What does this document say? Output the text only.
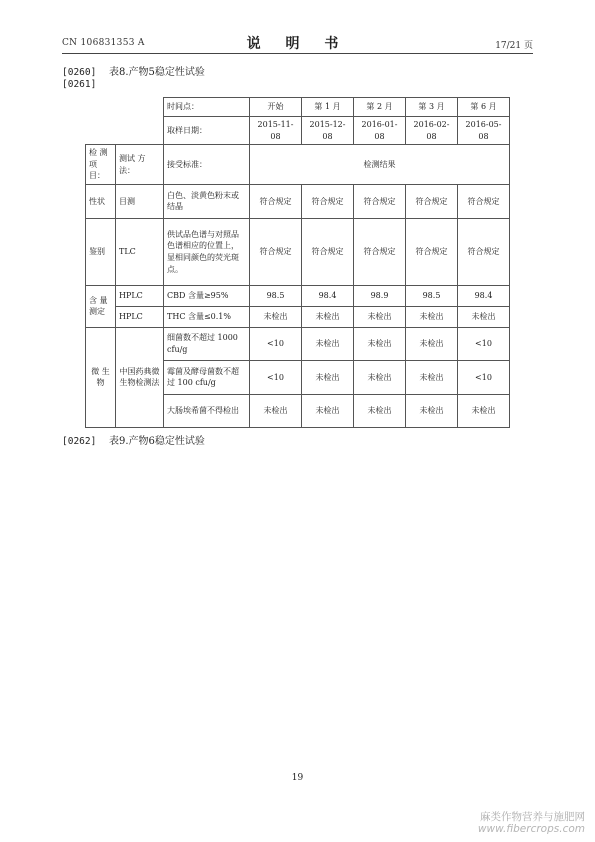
CN 106831353 A	说 明 书	17/21 页
[0260] 表8.产物5稳定性试验
[0261]
		时间点：	开始	第 1 月	第 2 月	第 3 月	第 6 月
		取样日期：	2015-11-08	2015-12-08	2016-01-08	2016-02-08	2016-05-08
检 测 项目：	测试 方法：	接受标准：	检测结果				
性状	目测	白色、淡黄色粉末或结晶	符合规定	符合规定	符合规定	符合规定	符合规定
鉴别	TLC	供试品色谱与对照品色谱相应的位置上，显相同颜色的荧光斑点。	符合规定	符合规定	符合规定	符合规定	符合规定
含 量 测定	HPLC	CBD 含量≥95%	98.5	98.4	98.9	98.5	98.4
	HPLC	THC 含量≤0.1%	未检出	未检出	未检出	未检出	未检出
微 生 物	中国药典微生物检测法	细菌数不超过 1000 cfu/g	<10	未检出	未检出	未检出	<10
		霉菌及酵母菌数不超过 100 cfu/g	<10	未检出	未检出	未检出	<10
		大肠埃希菌不得检出	未检出	未检出	未检出	未检出	未检出
[0262] 表9.产物6稳定性试验
19
麻类作物营养与施肥网
www.fibercrops.com
